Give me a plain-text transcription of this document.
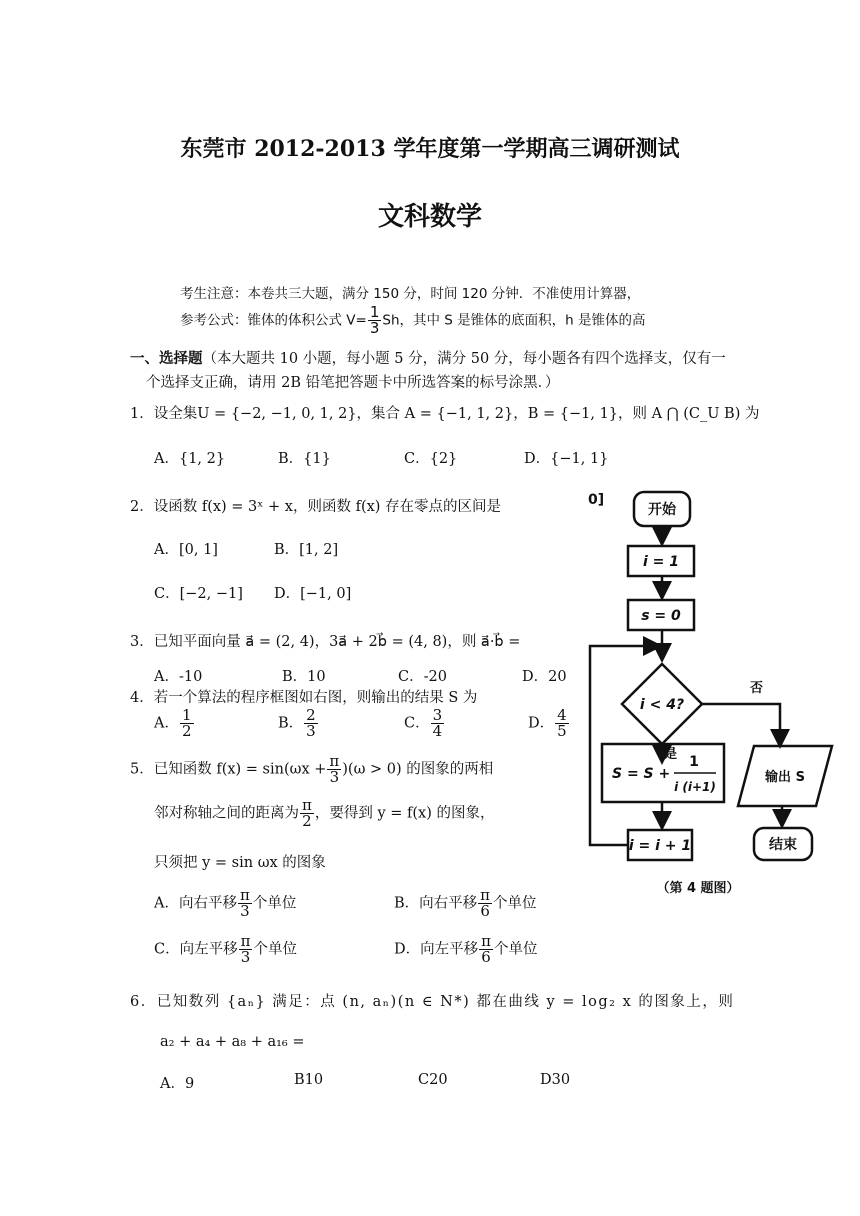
东莞市 2012-2013 学年度第一学期高三调研测试
文科数学
考生注意：本卷共三大题，满分 150 分，时间 120 分钟．不准使用计算器，
参考公式：锥体的体积公式 $V= \frac{1}{3}$ Sh，其中 S 是锥体的底面积，h 是锥体的高
一、选择题（本大题共 10 小题，每小题 5 分，满分 50 分，每小题各有四个选择支，仅有一
个选择支正确，请用 2B 铅笔把答题卡中所选答案的标号涂黑．）
1．设全集U = {−2, −1, 0, 1, 2}，集合 A = {−1, 1, 2}，B = {−1, 1}，则 A ⋂ (C_U B) 为
A．{1, 2}	B．{1}	C．{2}	D．{−1, 1}
2．设函数 f(x) = 3ˣ + x，则函数 f(x) 存在零点的区间是
A．[0, 1]	B．[1, 2]
C．[−2, −1] D．[−1, 0]
3．已知平面向量 a⃗ = (2, 4)，3a⃗ + 2b⃗ = (4, 8)，则 a⃗·b⃗ =
A．-10	B．10	C．-20	D．20
4．若一个算法的程序框图如右图，则输出的结果 S 为
A． $\frac{1}{2}$	B． $\frac{2}{3}$	C． $\frac{3}{4}$	D． $\frac{4}{5}$
5．已知函数 $f(x) = \sin(\omega x + \frac{\pi}{3} )(\omega > 0)$ 的图象的两相
邻对称轴之间的距离为 $\frac{\pi}{2}$ ，要得到 y = f(x) 的图象，
只须把 y = sin ωx 的图象
A．向右平移 $\frac{\pi}{3}$ 个单位	B．向右平移 $\frac{\pi}{6}$ 个单位
C．向左平移 $\frac{\pi}{3}$ 个单位	D．向左平移 $\frac{\pi}{6}$ 个单位
6．已知数列 {aₙ} 满足：点 (n, aₙ)(n ∈ N*) 都在曲线 y = log₂ x 的图象上，则
a₂ + a₄ + a₈ + a₁₆ =
A．9	B10	C20	D30
0]
开始
i = 1
s = 0
i < 4?
是
否
S = S +
1
i (i+1)
i = i + 1
输出 S
结束
（第 4 题图）
